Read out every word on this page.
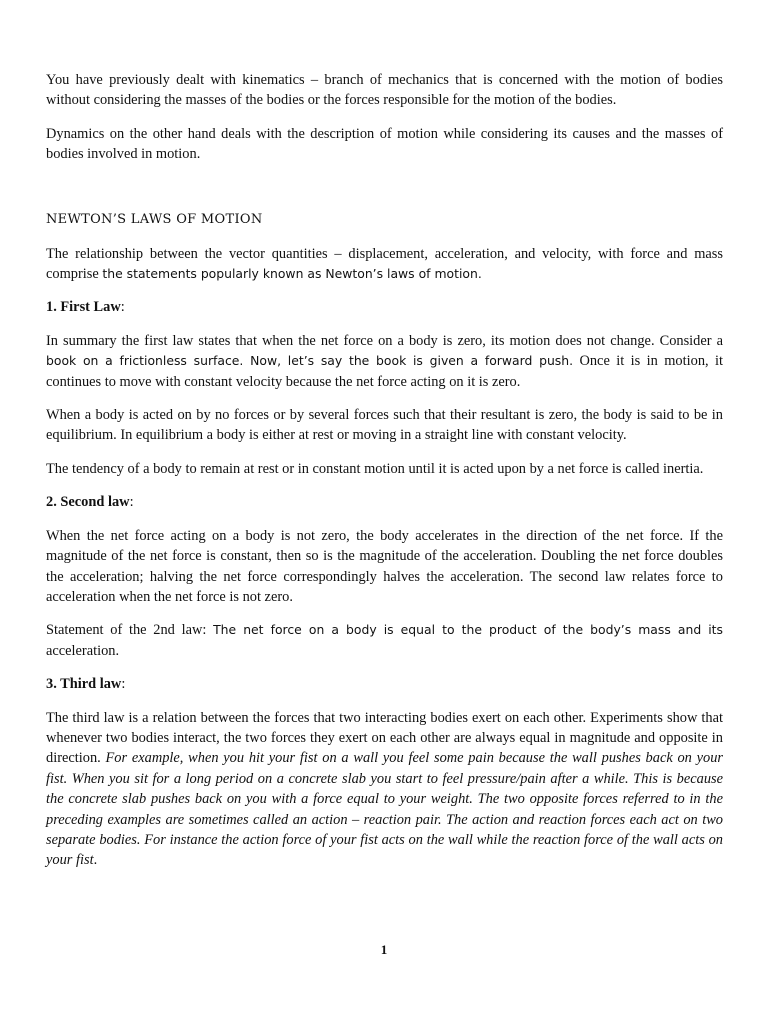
You have previously dealt with kinematics – branch of mechanics that is concerned with the motion of bodies without considering the masses of the bodies or the forces responsible for the motion of the bodies.

Dynamics on the other hand deals with the description of motion while considering its causes and the masses of bodies involved in motion.

NEWTON’S LAWS OF MOTION

The relationship between the vector quantities – displacement, acceleration, and velocity, with force and mass comprise the statements popularly known as Newton’s laws of motion.

1. First Law:

In summary the first law states that when the net force on a body is zero, its motion does not change. Consider a book on a frictionless surface. Now, let’s say the book is given a forward push. Once it is in motion, it continues to move with constant velocity because the net force acting on it is zero.

When a body is acted on by no forces or by several forces such that their resultant is zero, the body is said to be in equilibrium. In equilibrium a body is either at rest or moving in a straight line with constant velocity.

The tendency of a body to remain at rest or in constant motion until it is acted upon by a net force is called inertia.

2. Second law:

When the net force acting on a body is not zero, the body accelerates in the direction of the net force. If the magnitude of the net force is constant, then so is the magnitude of the acceleration. Doubling the net force doubles the acceleration; halving the net force correspondingly halves the acceleration. The second law relates force to acceleration when the net force is not zero.

Statement of the 2nd law: The net force on a body is equal to the product of the body’s mass and its acceleration.

3. Third law:

The third law is a relation between the forces that two interacting bodies exert on each other. Experiments show that whenever two bodies interact, the two forces they exert on each other are always equal in magnitude and opposite in direction. For example, when you hit your fist on a wall you feel some pain because the wall pushes back on your fist. When you sit for a long period on a concrete slab you start to feel pressure/pain after a while. This is because the concrete slab pushes back on you with a force equal to your weight. The two opposite forces referred to in the preceding examples are sometimes called an action – reaction pair. The action and reaction forces each act on two separate bodies. For instance the action force of your fist acts on the wall while the reaction force of the wall acts on your fist.

1
